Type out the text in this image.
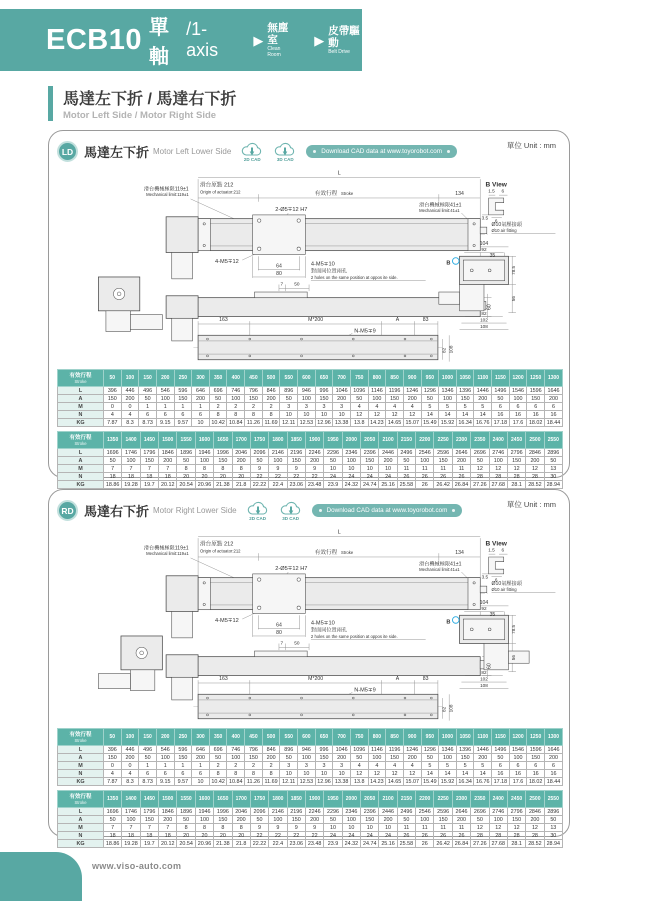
ECB10 單軸
/1-axis	▶
無塵室
Clean Room
▶
皮帶驅動
Belt Drive
馬達左下折 / 馬達右下折
Motor Left Side / Motor Right Side
LD 馬達左下折 Motor Left Lower Side
2D CAD	3D CAD
Download CAD data at www.toyorobot.com
單位 Unit : mm
L
滑台原點 212
Origin of actuator:212	有效行程 Stroke	134
滑台機械極限119±1
Mechanical limit:119±1
2-Ø5∓12 H7
滑台機械極限41±1
Mechanical limit:41±1
Ø10氣壓接頭
Ø10 air fitting
35
4-M5∓12
64
80
4-M5∓10
對面同位置兩孔
2 holes on the same position at oppos ite side.
7 50
60
163	M*200	A	83
N-M5∓9
82 108
B View
1.5 6
3.5
6
104
92
B
78.5
56
82
102
108
有效行程
Stroke	50	100	150	200	250	300	350	400	450	500	550	600	650	700	750	800	850	900	950	1000	1050	1100	1150	1200	1250	1300
L	396	446	496	546	596	646	696	746	796	846	896	946	996	1046	1096	1146	1196	1246	1296	1346	1396	1446	1496	1546	1596	1646
A	150	200	50	100	150	200	50	100	150	200	50	100	150	200	50	100	150	200	50	100	150	200	50	100	150	200
M	0	0	1	1	1	1	2	2	2	2	3	3	3	3	4	4	4	4	5	5	5	5	6	6	6	6
N	4	4	6	6	6	6	8	8	8	8	10	10	10	10	12	12	12	12	14	14	14	14	16	16	16	16
KG	7.87	8.3	8.73	9.15	9.57	10	10.42	10.84	11.26	11.69	12.11	12.53	12.96	13.38	13.8	14.23	14.65	15.07	15.49	15.92	16.34	16.76	17.18	17.6	18.02	18.44
有效行程
Stroke	1350	1400	1450	1500	1550	1600	1650	1700	1750	1800	1850	1900	1950	2000	2050	2100	2150	2200	2250	2300	2350	2400	2450	2500	2550
L	1696	1746	1796	1846	1896	1946	1996	2046	2096	2146	2196	2246	2296	2346	2396	2446	2496	2546	2596	2646	2696	2746	2796	2846	2896
A	50	100	150	200	50	100	150	200	50	100	150	200	50	100	150	200	50	100	150	200	50	100	150	200	50
M	7	7	7	7	8	8	8	8	9	9	9	9	10	10	10	10	11	11	11	11	12	12	12	12	13
N	18	18	18	18	20	20	20	20	22	22	22	22	24	24	24	24	26	26	26	26	28	28	28	28	30
KG	18.86	19.28	19.7	20.12	20.54	20.96	21.38	21.8	22.22	22.4	23.06	23.48	23.9	24.32	24.74	25.16	25.58	26	26.42	26.84	27.26	27.68	28.1	28.52	28.94
RD 馬達右下折 Motor Right Lower Side
2D CAD	3D CAD
Download CAD data at www.toyorobot.com
單位 Unit : mm
L
滑台原點 212
Origin of actuator:212	有效行程 Stroke	134
滑台機械極限119±1
Mechanical limit:119±1
2-Ø5∓12 H7
滑台機械極限41±1
Mechanical limit:41±1
Ø10氣壓接頭
Ø10 air fitting
35
4-M5∓12
64
80
4-M5∓10
對面同位置兩孔
2 holes on the same position at oppos ite side.
7 50
60
163	M*200	A	83
N-M5∓9
82 108
B View
1.5 6
3.5
6
104
92
B
78.5
56
82
102
108
有效行程
Stroke	50	100	150	200	250	300	350	400	450	500	550	600	650	700	750	800	850	900	950	1000	1050	1100	1150	1200	1250	1300
L	396	446	496	546	596	646	696	746	796	846	896	946	996	1046	1096	1146	1196	1246	1296	1346	1396	1446	1496	1546	1596	1646
A	150	200	50	100	150	200	50	100	150	200	50	100	150	200	50	100	150	200	50	100	150	200	50	100	150	200
M	0	0	1	1	1	1	2	2	2	2	3	3	3	3	4	4	4	4	5	5	5	5	6	6	6	6
N	4	4	6	6	6	6	8	8	8	8	10	10	10	10	12	12	12	12	14	14	14	14	16	16	16	16
KG	7.87	8.3	8.73	9.15	9.57	10	10.42	10.84	11.26	11.69	12.11	12.53	12.96	13.38	13.8	14.23	14.65	15.07	15.49	15.92	16.34	16.76	17.18	17.6	18.02	18.44
有效行程
Stroke	1350	1400	1450	1500	1550	1600	1650	1700	1750	1800	1850	1900	1950	2000	2050	2100	2150	2200	2250	2300	2350	2400	2450	2500	2550
L	1696	1746	1796	1846	1896	1946	1996	2046	2096	2146	2196	2246	2296	2346	2396	2446	2496	2546	2596	2646	2696	2746	2796	2846	2896
A	50	100	150	200	50	100	150	200	50	100	150	200	50	100	150	200	50	100	150	200	50	100	150	200	50
M	7	7	7	7	8	8	8	8	9	9	9	9	10	10	10	10	11	11	11	11	12	12	12	12	13
N	18	18	18	18	20	20	20	20	22	22	22	22	24	24	24	24	26	26	26	26	28	28	28	28	30
KG	18.86	19.28	19.7	20.12	20.54	20.96	21.38	21.8	22.22	22.4	23.06	23.48	23.9	24.32	24.74	25.16	25.58	26	26.42	26.84	27.26	27.68	28.1	28.52	28.94
www.viso-auto.com
